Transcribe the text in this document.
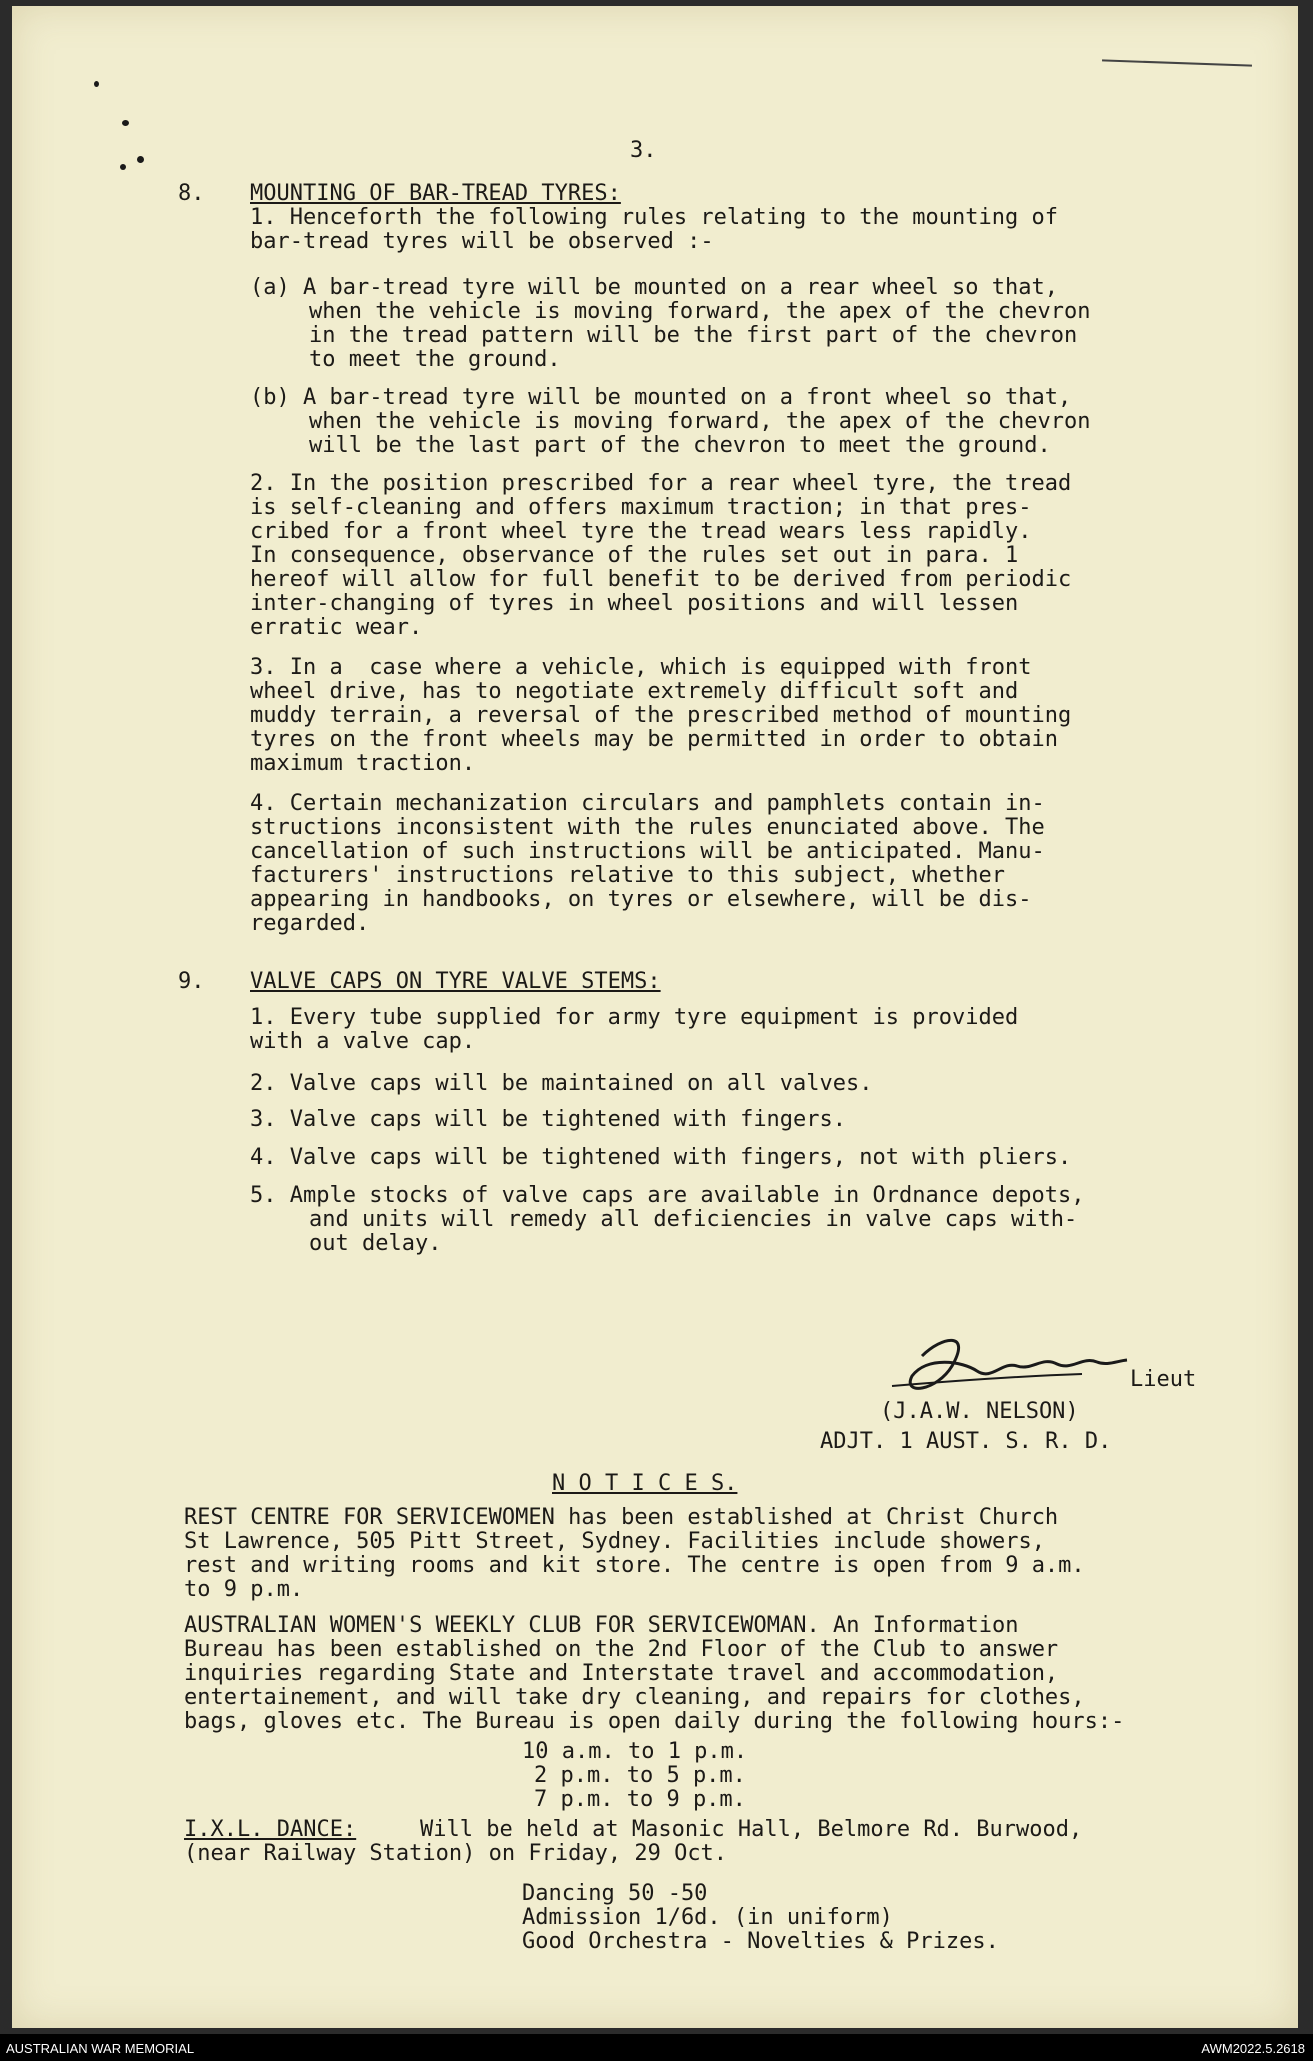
3.
8. MOUNTING OF BAR-TREAD TYRES:
1. Henceforth the following rules relating to the mounting of
bar-tread tyres will be observed :-
(a) A bar-tread tyre will be mounted on a rear wheel so that,
when the vehicle is moving forward, the apex of the chevron
in the tread pattern will be the first part of the chevron
to meet the ground.
(b) A bar-tread tyre will be mounted on a front wheel so that,
when the vehicle is moving forward, the apex of the chevron
will be the last part of the chevron to meet the ground.
2. In the position prescribed for a rear wheel tyre, the tread
is self-cleaning and offers maximum traction; in that pres-
cribed for a front wheel tyre the tread wears less rapidly.
In consequence, observance of the rules set out in para. 1
hereof will allow for full benefit to be derived from periodic
inter-changing of tyres in wheel positions and will lessen
erratic wear.
3. In a  case where a vehicle, which is equipped with front
wheel drive, has to negotiate extremely difficult soft and
muddy terrain, a reversal of the prescribed method of mounting
tyres on the front wheels may be permitted in order to obtain
maximum traction.
4. Certain mechanization circulars and pamphlets contain in-
structions inconsistent with the rules enunciated above. The
cancellation of such instructions will be anticipated. Manu-
facturers' instructions relative to this subject, whether
appearing in handbooks, on tyres or elsewhere, will be dis-
regarded.
9. VALVE CAPS ON TYRE VALVE STEMS:
1. Every tube supplied for army tyre equipment is provided
with a valve cap.
2. Valve caps will be maintained on all valves.
3. Valve caps will be tightened with fingers.
4. Valve caps will be tightened with fingers, not with pliers.
5. Ample stocks of valve caps are available in Ordnance depots,
and units will remedy all deficiencies in valve caps with-
out delay.
Lieut
(J.A.W. NELSON)
ADJT. 1 AUST. S. R. D.
N O T I C E S.
REST CENTRE FOR SERVICEWOMEN has been established at Christ Church
St Lawrence, 505 Pitt Street, Sydney. Facilities include showers,
rest and writing rooms and kit store. The centre is open from 9 a.m.
to 9 p.m.
AUSTRALIAN WOMEN'S WEEKLY CLUB FOR SERVICEWOMAN. An Information
Bureau has been established on the 2nd Floor of the Club to answer
inquiries regarding State and Interstate travel and accommodation,
entertainement, and will take dry cleaning, and repairs for clothes,
bags, gloves etc. The Bureau is open daily during the following hours:-
10 a.m. to 1 p.m.
2 p.m. to 5 p.m.
7 p.m. to 9 p.m.
I.X.L. DANCE:	Will be held at Masonic Hall, Belmore Rd. Burwood,
(near Railway Station) on Friday, 29 Oct.
Dancing 50 -50
Admission 1/6d. (in uniform)
Good Orchestra - Novelties & Prizes.
AUSTRALIAN WAR MEMORIAL	AWM2022.5.2618
